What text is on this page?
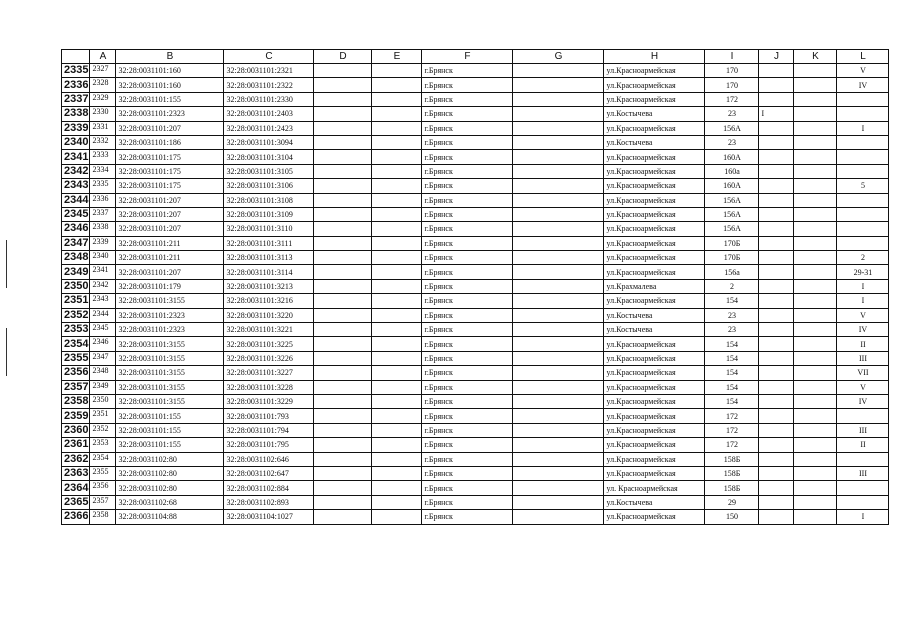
	A	B	C	D	E	F	G	H	I	J	K	L
2335	2327	32:28:0031101:160	32:28:0031101:2321			г.Брянск		ул.Красноармейская	170			V
2336	2328	32:28:0031101:160	32:28:0031101:2322			г.Брянск		ул.Красноармейская	170			IV
2337	2329	32:28:0031101:155	32:28:0031101:2330			г.Брянск		ул.Красноармейская	172			
2338	2330	32:28:0031101:2323	32:28:0031101:2403			г.Брянск		ул.Костычева	23	I		
2339	2331	32:28:0031101:207	32:28:0031101:2423			г.Брянск		ул.Красноармейская	156А			I
2340	2332	32:28:0031101:186	32:28:0031101:3094			г.Брянск		ул.Костычева	23			
2341	2333	32:28:0031101:175	32:28:0031101:3104			г.Брянск		ул.Красноармейская	160А			
2342	2334	32:28:0031101:175	32:28:0031101:3105			г.Брянск		ул.Красноармейская	160а			
2343	2335	32:28:0031101:175	32:28:0031101:3106			г.Брянск		ул.Красноармейская	160А			5
2344	2336	32:28:0031101:207	32:28:0031101:3108			г.Брянск		ул.Красноармейская	156А			
2345	2337	32:28:0031101:207	32:28:0031101:3109			г.Брянск		ул.Красноармейская	156А			
2346	2338	32:28:0031101:207	32:28:0031101:3110			г.Брянск		ул.Красноармейская	156А			
2347	2339	32:28:0031101:211	32:28:0031101:3111			г.Брянск		ул.Красноармейская	170Б			
2348	2340	32:28:0031101:211	32:28:0031101:3113			г.Брянск		ул.Красноармейская	170Б			2
2349	2341	32:28:0031101:207	32:28:0031101:3114			г.Брянск		ул.Красноармейская	156а			29-31
2350	2342	32:28:0031101:179	32:28:0031101:3213			г.Брянск		ул.Крахмалева	2			I
2351	2343	32:28:0031101:3155	32:28:0031101:3216			г.Брянск		ул.Красноармейская	154			I
2352	2344	32:28:0031101:2323	32:28:0031101:3220			г.Брянск		ул.Костычева	23			V
2353	2345	32:28:0031101:2323	32:28:0031101:3221			г.Брянск		ул.Костычева	23			IV
2354	2346	32:28:0031101:3155	32:28:0031101:3225			г.Брянск		ул.Красноармейская	154			II
2355	2347	32:28:0031101:3155	32:28:0031101:3226			г.Брянск		ул.Красноармейская	154			III
2356	2348	32:28:0031101:3155	32:28:0031101:3227			г.Брянск		ул.Красноармейская	154			VII
2357	2349	32:28:0031101:3155	32:28:0031101:3228			г.Брянск		ул.Красноармейская	154			V
2358	2350	32:28:0031101:3155	32:28:0031101:3229			г.Брянск		ул.Красноармейская	154			IV
2359	2351	32:28:0031101:155	32:28:0031101:793			г.Брянск		ул.Красноармейская	172			
2360	2352	32:28:0031101:155	32:28:0031101:794			г.Брянск		ул.Красноармейская	172			III
2361	2353	32:28:0031101:155	32:28:0031101:795			г.Брянск		ул.Красноармейская	172			II
2362	2354	32:28:0031102:80	32:28:0031102:646			г.Брянск		ул.Красноармейская	158Б			
2363	2355	32:28:0031102:80	32:28:0031102:647			г.Брянск		ул.Красноармейская	158Б			III
2364	2356	32:28:0031102:80	32:28:0031102:884			г.Брянск		ул. Красноармейская	158Б			
2365	2357	32:28:0031102:68	32:28:0031102:893			г.Брянск		ул.Костычева	29			
2366	2358	32:28:0031104:88	32:28:0031104:1027			г.Брянск		ул.Красноармейская	150			I
